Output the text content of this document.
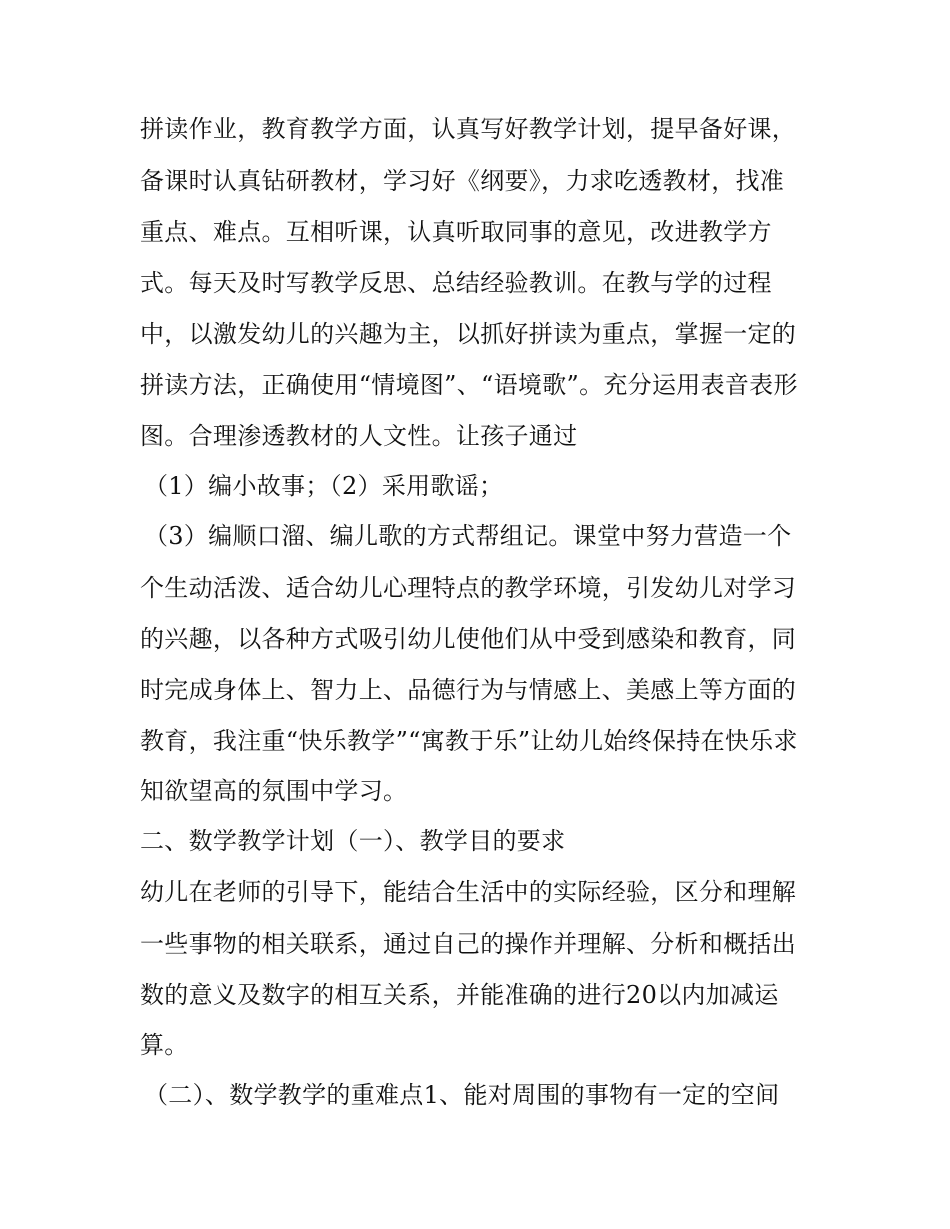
拼读作业，教育教学方面，认真写好教学计划，提早备好课，
备课时认真钻研教材，学习好《纲要》，力求吃透教材，找准
重点、难点。互相听课，认真听取同事的意见，改进教学方
式。每天及时写教学反思、总结经验教训。在教与学的过程
中，以激发幼儿的兴趣为主，以抓好拼读为重点，掌握一定的
拼读方法，正确使用“情境图”、“语境歌”。充分运用表音表形
图。合理渗透教材的人文性。让孩子通过
（1）编小故事；（2）采用歌谣；
（3）编顺口溜、编儿歌的方式帮组记。课堂中努力营造一个
个生动活泼、适合幼儿心理特点的教学环境，引发幼儿对学习
的兴趣，以各种方式吸引幼儿使他们从中受到感染和教育，同
时完成身体上、智力上、品德行为与情感上、美感上等方面的
教育，我注重“快乐教学”“寓教于乐”让幼儿始终保持在快乐求
知欲望高的氛围中学习。
二、数学教学计划（一）、教学目的要求
幼儿在老师的引导下，能结合生活中的实际经验，区分和理解
一些事物的相关联系，通过自己的操作并理解、分析和概括出
数的意义及数字的相互关系，并能准确的进行20以内加减运
算。
（二）、数学教学的重难点1、能对周围的事物有一定的空间
